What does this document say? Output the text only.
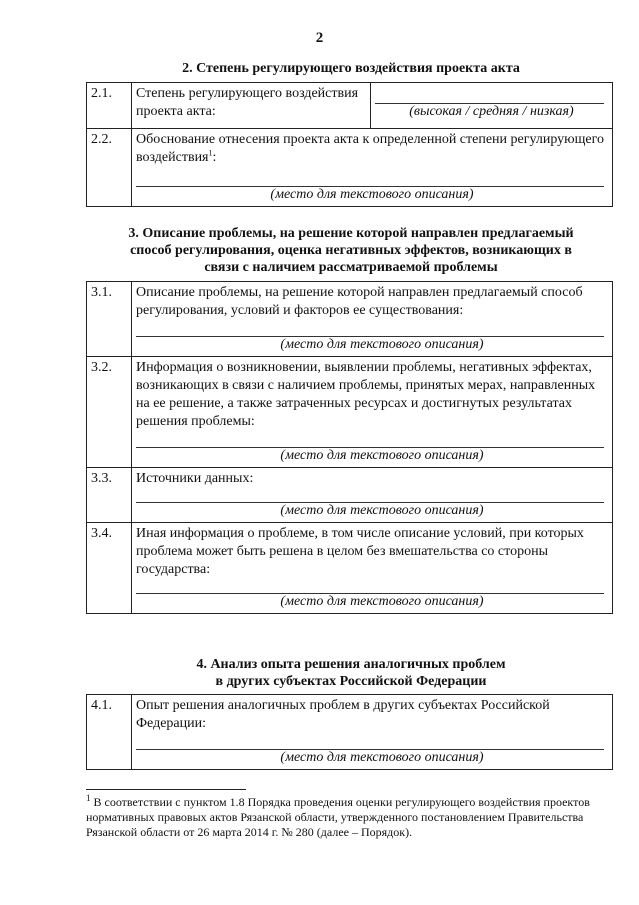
2
2. Степень регулирующего воздействия проекта акта
2.1.	Степень регулирующего воздействия проекта акта:	(высокая / средняя / низкая)

2.2.	Обоснование отнесения проекта акта к определенной степени регулирующего воздействия$^1$:
(место для текстового описания)	
3. Описание проблемы, на решение которой направлен предлагаемый
способ регулирования, оценка негативных эффектов, возникающих в
связи с наличием рассматриваемой проблемы
3.1.	Описание проблемы, на решение которой направлен предлагаемый способ регулирования, условий и факторов ее существования:
(место для текстового описания)

3.2.	Информация о возникновении, выявлении проблемы, негативных эффектах, возникающих в связи с наличием проблемы, принятых мерах, направленных на ее решение, а также затраченных ресурсах и достигнутых результатах решения проблемы:
(место для текстового описания)

3.3.	Источники данных:
(место для текстового описания)

3.4.	Иная информация о проблеме, в том числе описание условий, при которых проблема может быть решена в целом без вмешательства со стороны государства:
(место для текстового описания)
4. Анализ опыта решения аналогичных проблем
в других субъектах Российской Федерации
4.1.	Опыт решения аналогичных проблем в других субъектах Российской Федерации:
(место для текстового описания)
$^1$ В соответствии с пунктом 1.8 Порядка проведения оценки регулирующего воздействия проектов нормативных правовых актов Рязанской области, утвержденного постановлением Правительства Рязанской области от 26 марта 2014 г. № 280 (далее – Порядок).
